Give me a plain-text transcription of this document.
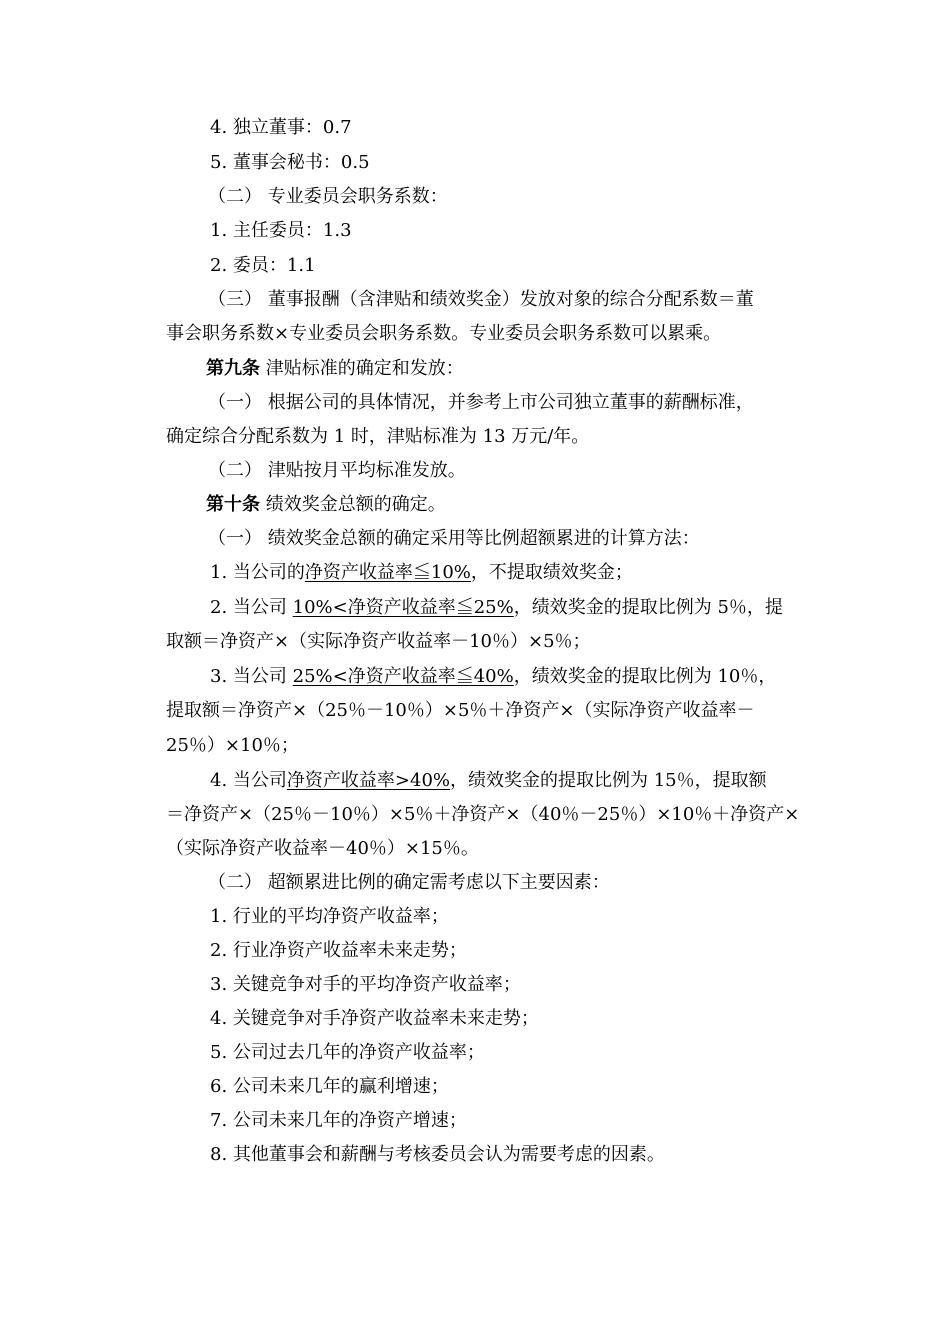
4. 独立董事：0.7
5. 董事会秘书：0.5
（二） 专业委员会职务系数：
1. 主任委员：1.3
2. 委员：1.1
（三） 董事报酬（含津贴和绩效奖金）发放对象的综合分配系数＝董
事会职务系数×专业委员会职务系数。专业委员会职务系数可以累乘。
第九条 津贴标准的确定和发放：
（一） 根据公司的具体情况，并参考上市公司独立董事的薪酬标准，
确定综合分配系数为 1 时，津贴标准为 13 万元/年。
（二） 津贴按月平均标准发放。
第十条 绩效奖金总额的确定。
（一） 绩效奖金总额的确定采用等比例超额累进的计算方法：
1. 当公司的净资产收益率≦10%，不提取绩效奖金；
2. 当公司 10%<净资产收益率≦25%，绩效奖金的提取比例为 5％，提
取额＝净资产×（实际净资产收益率－10％）×5％；
3. 当公司 25%<净资产收益率≦40%，绩效奖金的提取比例为 10％，
提取额＝净资产×（25％－10％）×5％＋净资产×（实际净资产收益率－
25％）×10％；
4. 当公司净资产收益率>40%，绩效奖金的提取比例为 15％，提取额
＝净资产×（25％－10％）×5％＋净资产×（40％－25％）×10％＋净资产×
（实际净资产收益率－40％）×15％。
（二） 超额累进比例的确定需考虑以下主要因素：
1. 行业的平均净资产收益率；
2. 行业净资产收益率未来走势；
3. 关键竞争对手的平均净资产收益率；
4. 关键竞争对手净资产收益率未来走势；
5. 公司过去几年的净资产收益率；
6. 公司未来几年的赢利增速；
7. 公司未来几年的净资产增速；
8. 其他董事会和薪酬与考核委员会认为需要考虑的因素。
